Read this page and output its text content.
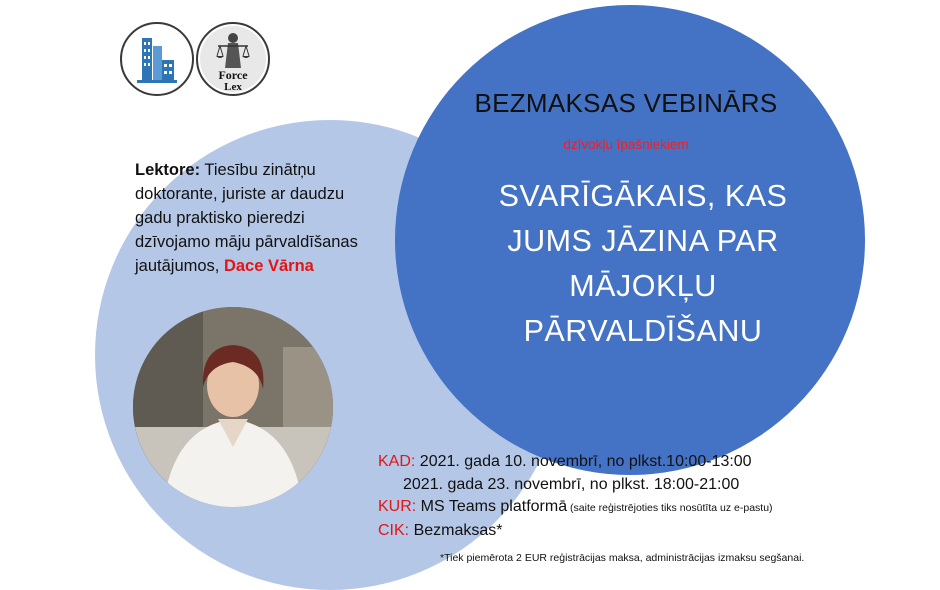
Force
Lex
BEZMAKSAS VEBINĀRS
dzīvokļu īpašniekiem
SVARĪGĀKAIS, KAS
JUMS JĀZINA PAR
MĀJOKĻU
PĀRVALDĪŠANU
Lektore: Tiesību zinātņu doktorante, juriste ar daudzu gadu praktisko pieredzi dzīvojamo māju pārvaldīšanas jautājumos, Dace Vārna
KAD: 2021. gada 10. novembrī, no plkst.10:00-13:00
2021. gada 23. novembrī, no plkst. 18:00-21:00
KUR: MS Teams platformā (saite reģistrējoties tiks nosūtīta uz e-pastu)
CIK: Bezmaksas*
*Tiek piemērota 2 EUR reģistrācijas maksa, administrācijas izmaksu segšanai.
